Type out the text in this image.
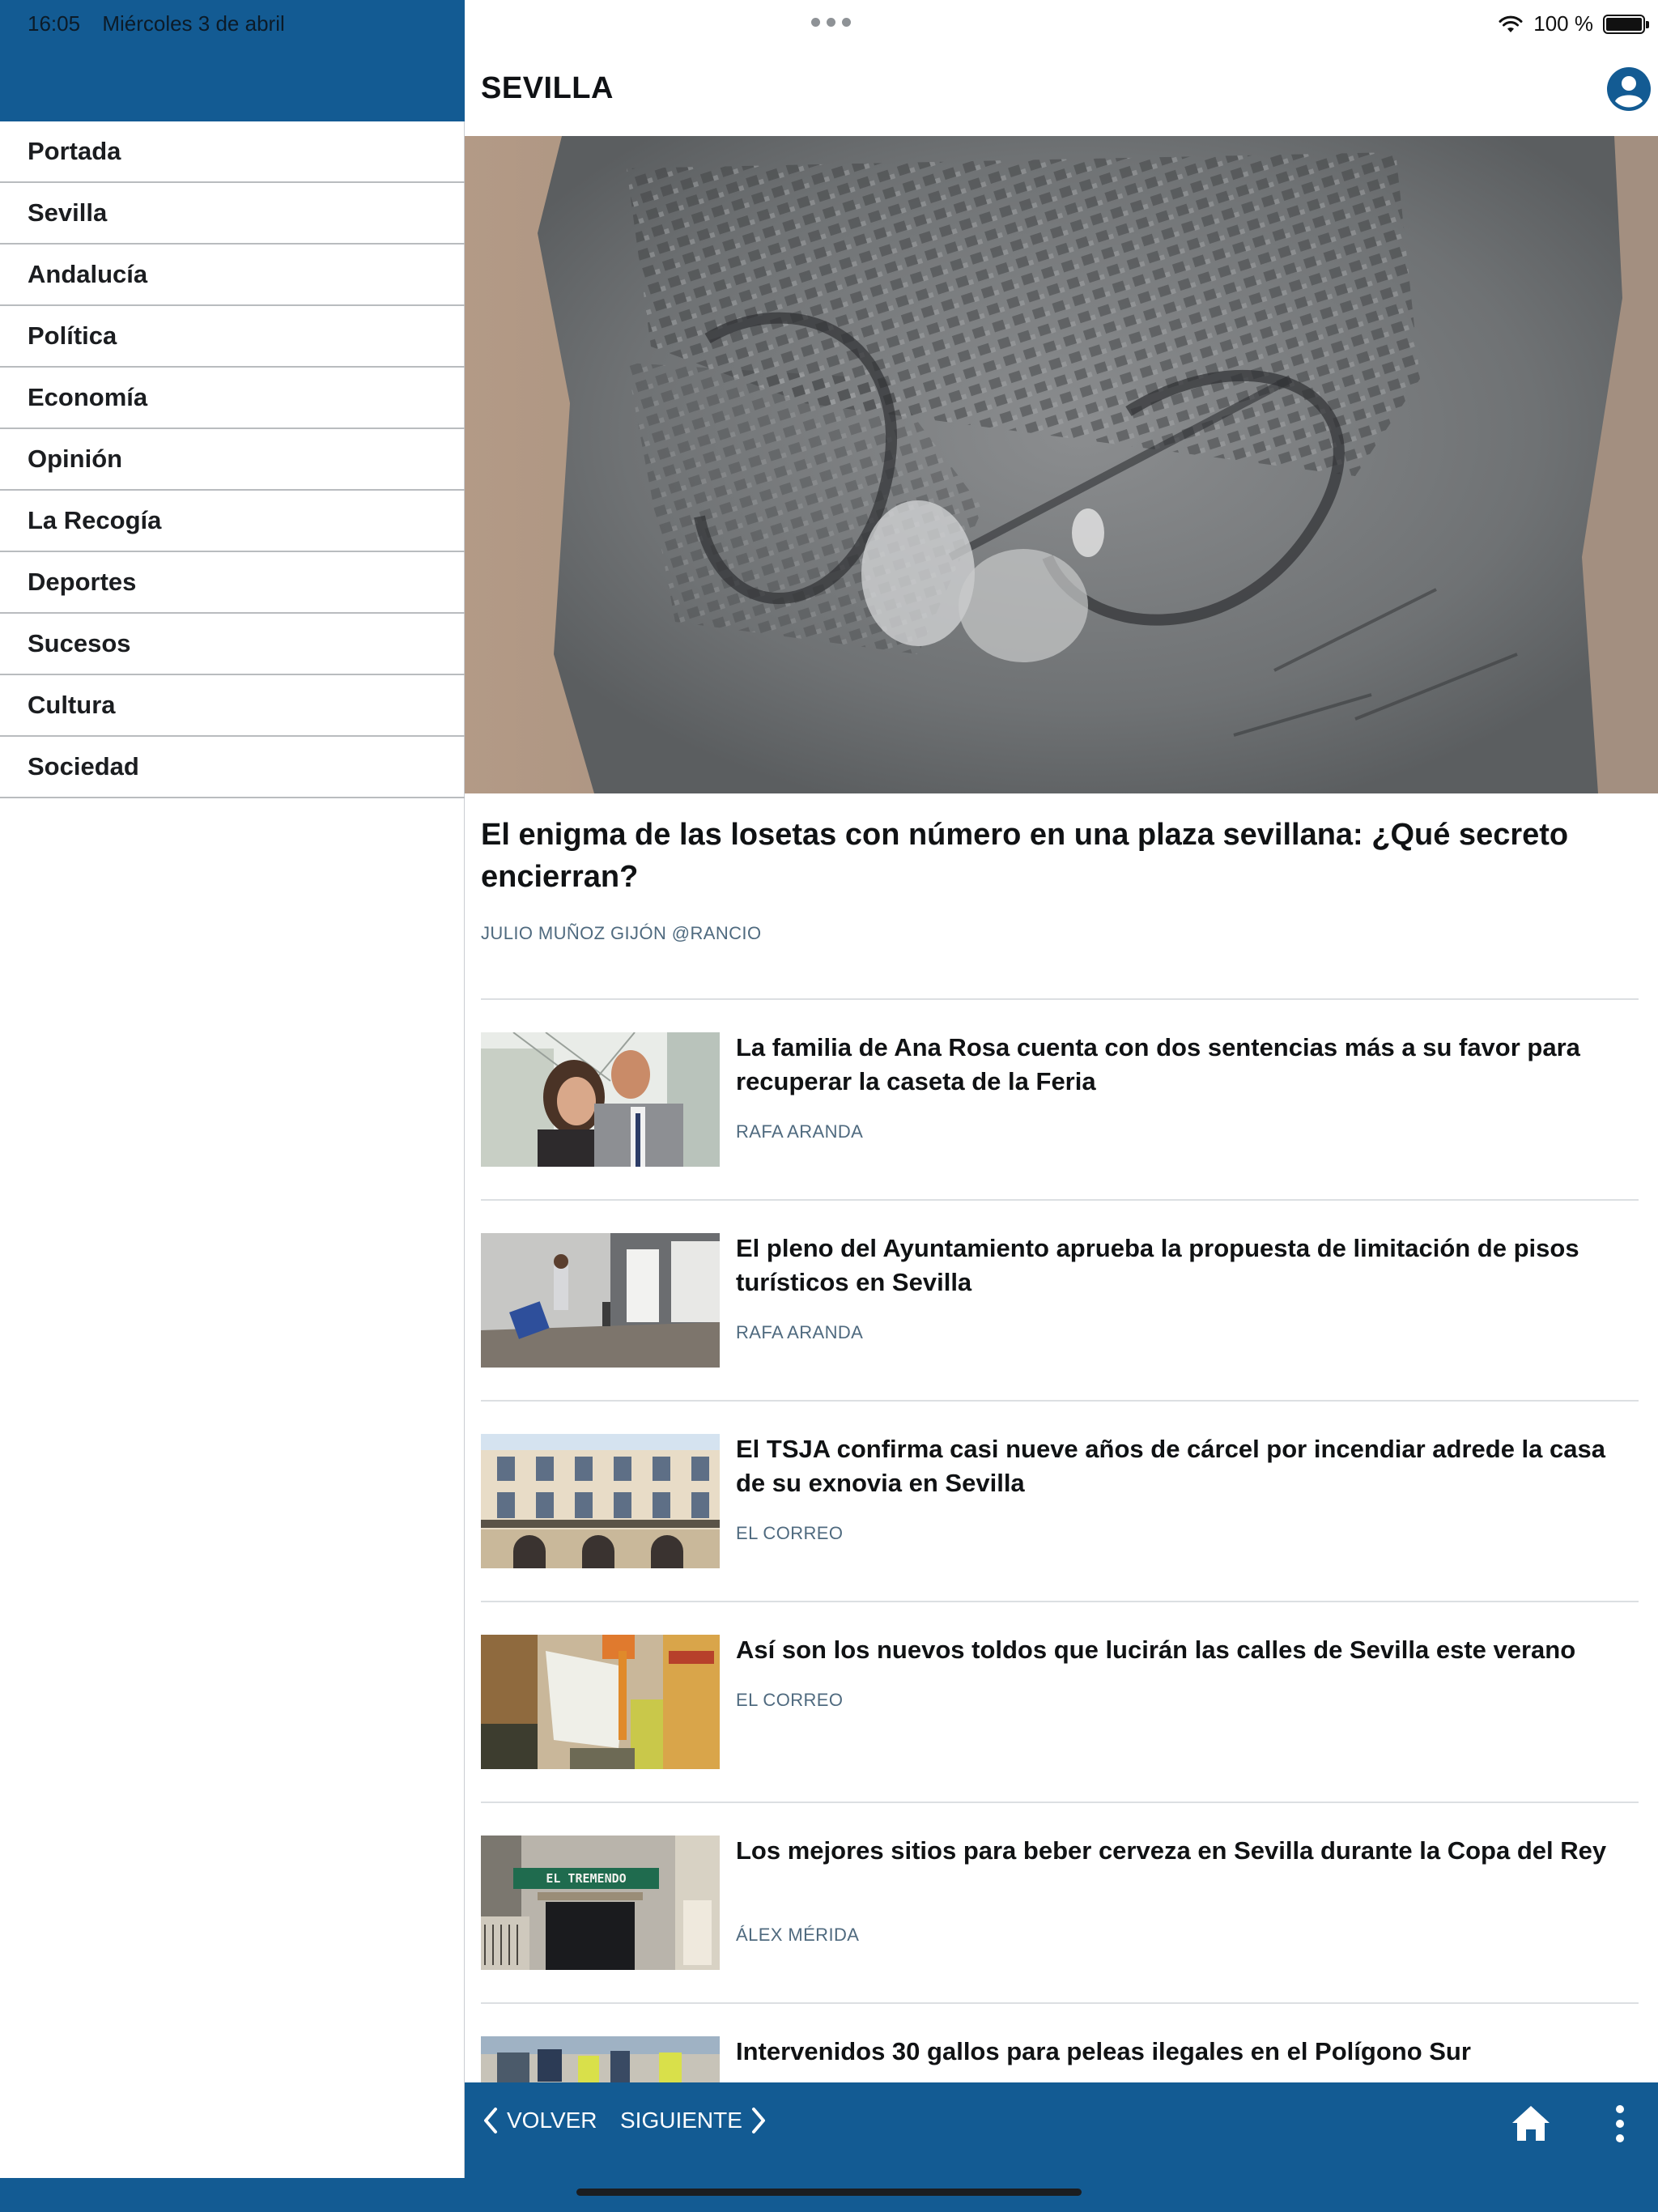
16:05 Miércoles 3 de abril
Portada
Sevilla
Andalucía
Política
Economía
Opinión
La Recogía
Deportes
Sucesos
Cultura
Sociedad
100 %
SEVILLA
El enigma de las losetas con número en una plaza sevillana: ¿Qué secreto encierran?
JULIO MUÑOZ GIJÓN @RANCIO
La familia de Ana Rosa cuenta con dos sentencias más a su favor para recuperar la caseta de la Feria
RAFA ARANDA
El pleno del Ayuntamiento aprueba la propuesta de limitación de pisos turísticos en Sevilla
RAFA ARANDA
El TSJA confirma casi nueve años de cárcel por incendiar adrede la casa de su exnovia en Sevilla
EL CORREO
Así son los nuevos toldos que lucirán las calles de Sevilla este verano
EL CORREO
EL TREMENDO
Los mejores sitios para beber cerveza en Sevilla durante la Copa del Rey
ÁLEX MÉRIDA
Intervenidos 30 gallos para peleas ilegales en el Polígono Sur
VOLVER SIGUIENTE
